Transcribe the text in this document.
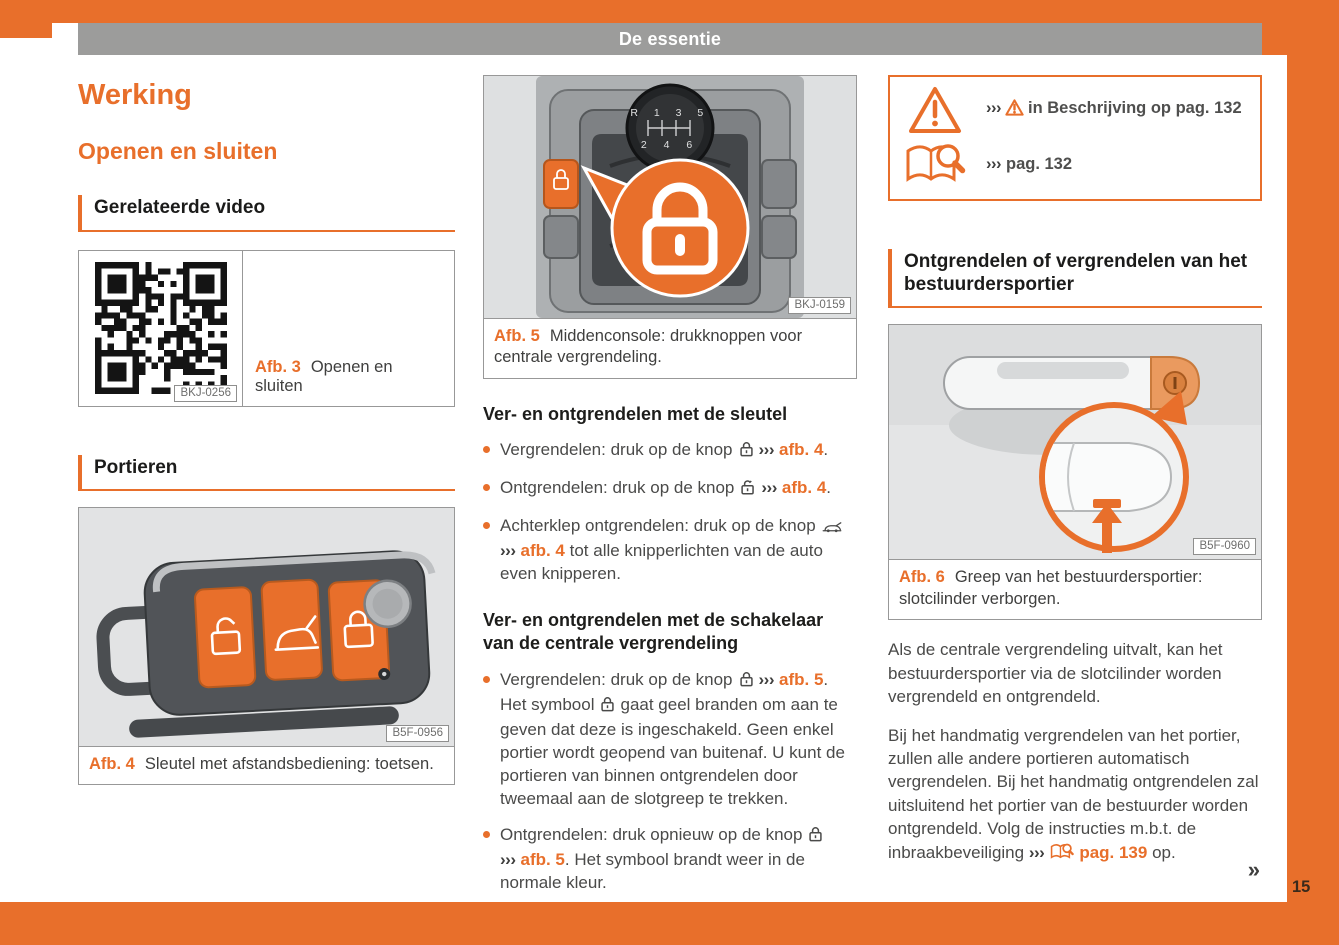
15
De essentie
Werking
Openen en sluiten
Gerelateerde video
BKJ-0256
Afb. 3 Openen en sluiten
Portieren
B5F-0956
Afb. 4 Sleutel met afstandsbediening: toetsen.
R 1 3 5
2 4 6
BKJ-0159
Afb. 5 Middenconsole: drukknoppen voor centrale vergrendeling.
Ver- en ontgrendelen met de sleutel
Vergrendelen: druk op de knop ››› afb. 4.
Ontgrendelen: druk op de knop ››› afb. 4.
Achterklep ontgrendelen: druk op de knop››› afb. 4 tot alle knipperlichten van de auto even knipperen.
Ver- en ontgrendelen met de schakelaar van de centrale vergrendeling
Vergrendelen: druk op de knop ››› afb. 5. Het symbool gaat geel branden om aan te geven dat deze is ingeschakeld. Geen enkel portier wordt geopend van buitenaf. U kunt de portieren van binnen ontgrendelen door tweemaal aan de slotgreep te trekken.
Ontgrendelen: druk opnieuw op de knop››› afb. 5. Het symbool brandt weer in de normale kleur.
››› in Beschrijving op pag. 132
››› pag. 132
Ontgrendelen of vergrendelen van het bestuurdersportier
B5F-0960
Afb. 6 Greep van het bestuurdersportier: slotcilinder verborgen.

Als de centrale vergrendeling uitvalt, kan het bestuurdersportier via de slotcilinder worden vergrendeld en ontgrendeld.

Bij het handmatig vergrendelen van het portier, zullen alle andere portieren automatisch vergrendelen. Bij het handmatig ontgrendelen zal uitsluitend het portier van de bestuurder worden ontgrendeld. Volg de instructies m.b.t. de inbraakbeveiliging ››› pag. 139 op.

»
